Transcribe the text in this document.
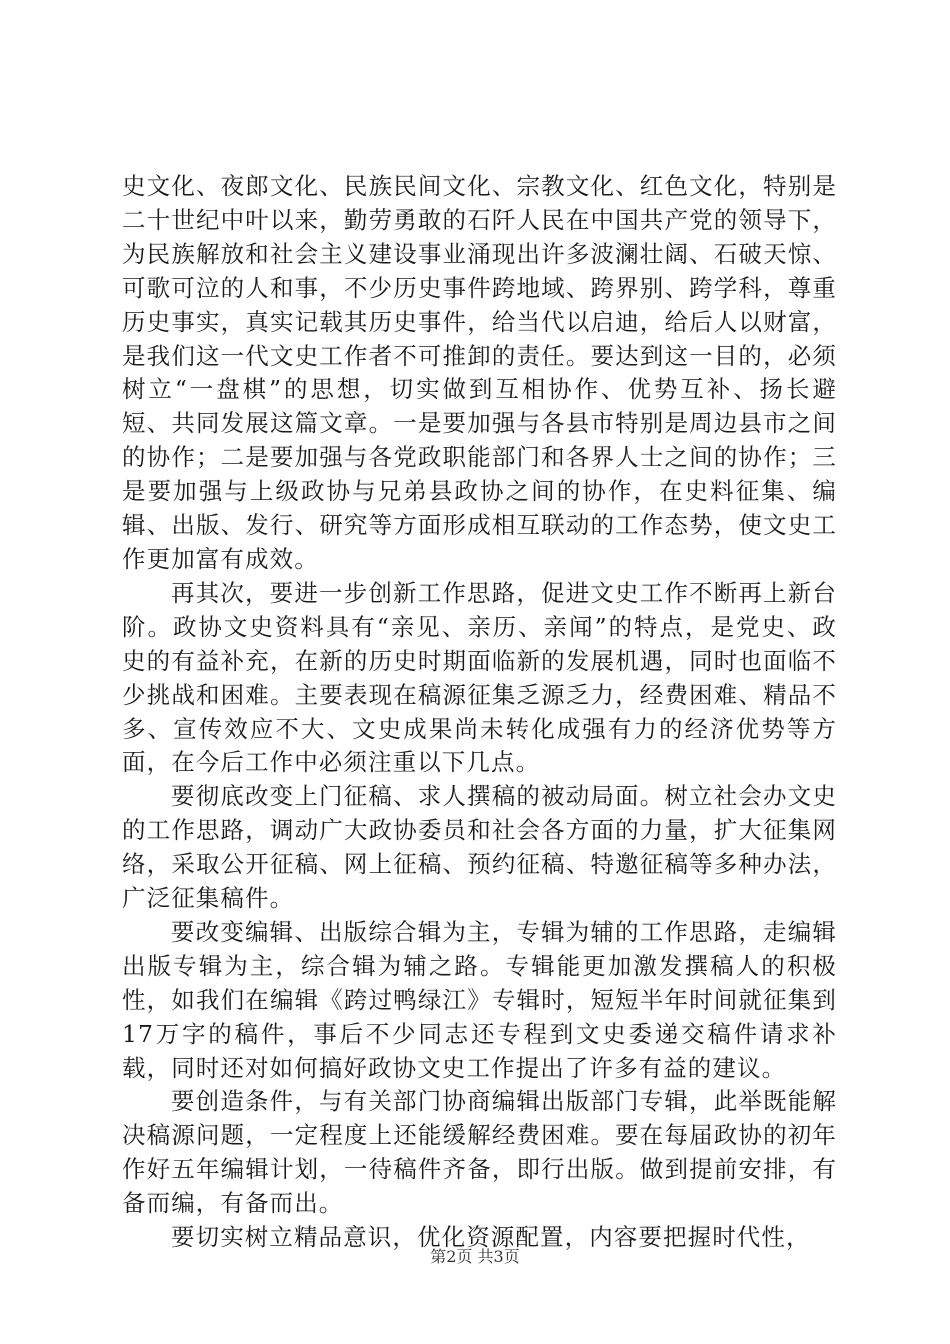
史文化、夜郎文化、民族民间文化、宗教文化、红色文化，特别是二十世纪中叶以来，勤劳勇敢的石阡人民在中国共产党的领导下，为民族解放和社会主义建设事业涌现出许多波澜壮阔、石破天惊、可歌可泣的人和事，不少历史事件跨地域、跨界别、跨学科，尊重历史事实，真实记载其历史事件，给当代以启迪，给后人以财富，是我们这一代文史工作者不可推卸的责任。要达到这一目的，必须树立“一盘棋”的思想，切实做到互相协作、优势互补、扬长避短、共同发展这篇文章。一是要加强与各县市特别是周边县市之间的协作；二是要加强与各党政职能部门和各界人士之间的协作；三是要加强与上级政协与兄弟县政协之间的协作，在史料征集、编辑、出版、发行、研究等方面形成相互联动的工作态势，使文史工作更加富有成效。

再其次，要进一步创新工作思路，促进文史工作不断再上新台阶。政协文史资料具有“亲见、亲历、亲闻”的特点，是党史、政史的有益补充，在新的历史时期面临新的发展机遇，同时也面临不少挑战和困难。主要表现在稿源征集乏源乏力，经费困难、精品不多、宣传效应不大、文史成果尚未转化成强有力的经济优势等方面，在今后工作中必须注重以下几点。

要彻底改变上门征稿、求人撰稿的被动局面。树立社会办文史的工作思路，调动广大政协委员和社会各方面的力量，扩大征集网络，采取公开征稿、网上征稿、预约征稿、特邀征稿等多种办法，广泛征集稿件。

要改变编辑、出版综合辑为主，专辑为辅的工作思路，走编辑出版专辑为主，综合辑为辅之路。专辑能更加激发撰稿人的积极性，如我们在编辑《跨过鸭绿江》专辑时，短短半年时间就征集到17万字的稿件，事后不少同志还专程到文史委递交稿件请求补载，同时还对如何搞好政协文史工作提出了许多有益的建议。

要创造条件，与有关部门协商编辑出版部门专辑，此举既能解决稿源问题，一定程度上还能缓解经费困难。要在每届政协的初年作好五年编辑计划，一待稿件齐备，即行出版。做到提前安排，有备而编，有备而出。

要切实树立精品意识，优化资源配置，内容要把握时代性，

第2页 共3页
